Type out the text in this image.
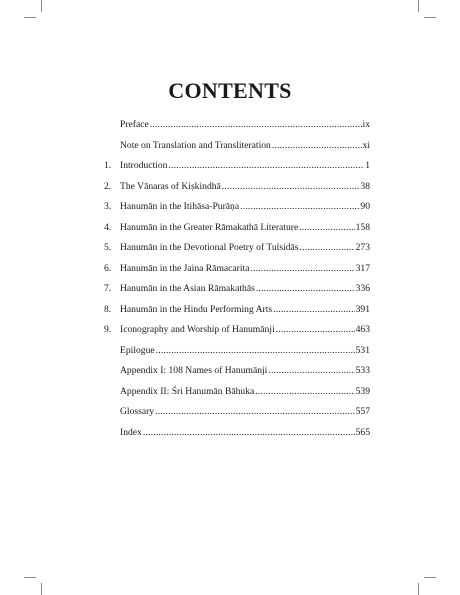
CONTENTS
Preface .....	ix
Note on Translation and Transliteration .....	xi
1. Introduction .....	1
2. The Vānaras of Kiṣkindhā .....	38
3. Hanumān in the Itihāsa-Purāṇa .....	90
4. Hanumān in the Greater Rāmakathā Literature .....	158
5. Hanumān in the Devotional Poetry of Tulsidās .....	273
6. Hanumān in the Jaina Rāmacarita .....	317
7. Hanumān in the Asian Rāmakathās .....	336
8. Hanumān in the Hindu Performing Arts .....	391
9. Iconography and Worship of Hanumānji .....	463
Epilogue .....	531
Appendix I: 108 Names of Hanumānji .....	533
Appendix II: Śri Hanumān Bāhuka .....	539
Glossary .....	557
Index .....	565
